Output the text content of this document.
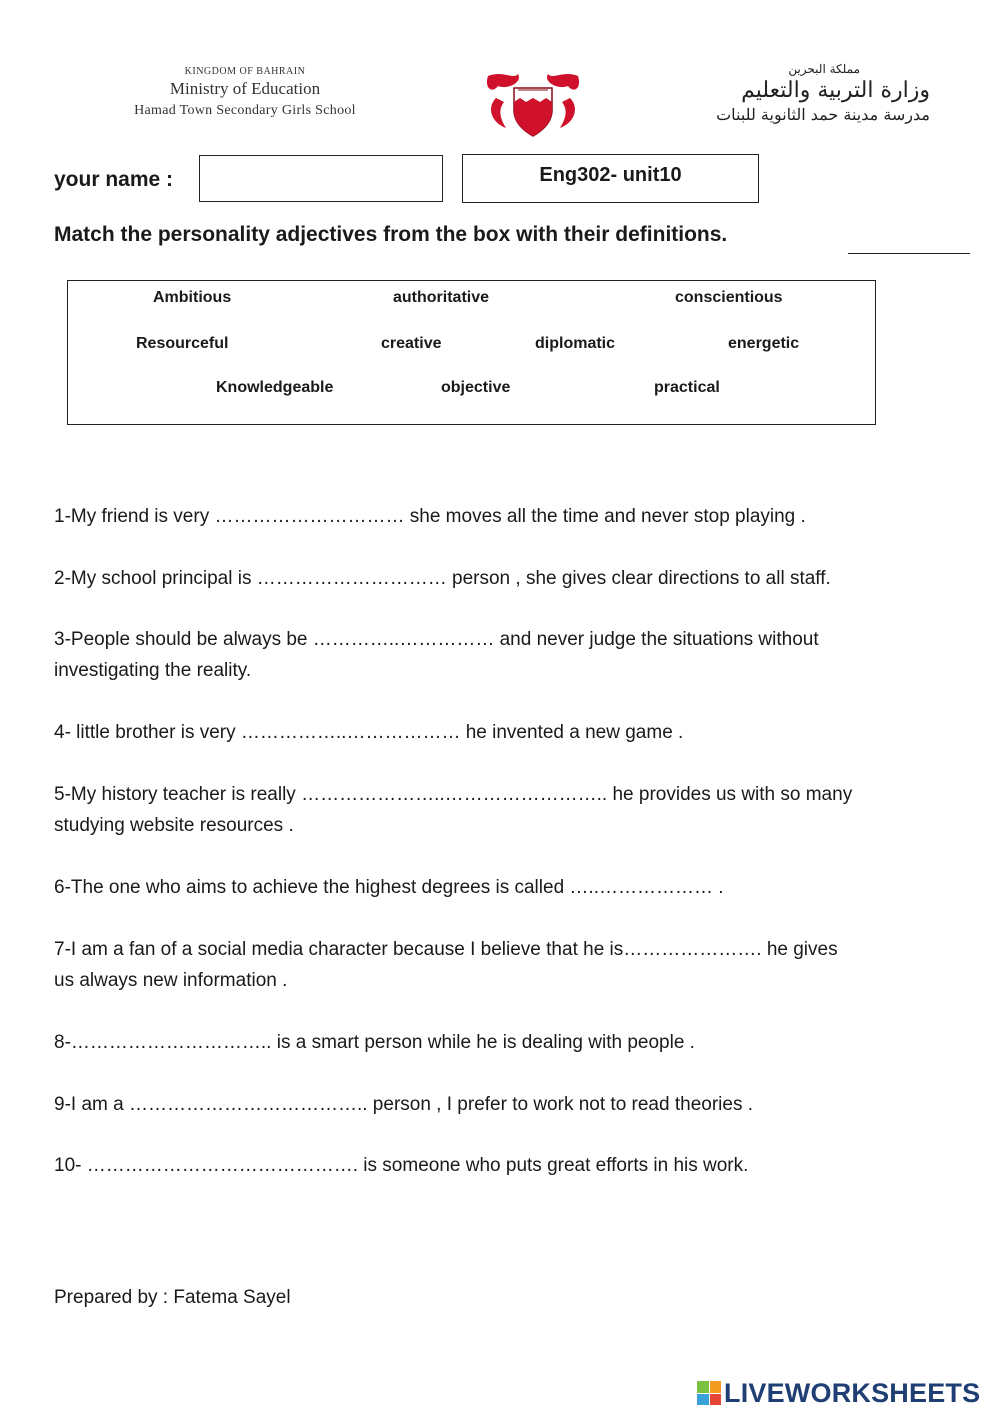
KINGDOM OF BAHRAIN
Ministry of Education
Hamad Town Secondary Girls School
مملكة البحرين
وزارة التربية والتعليم
مدرسة مدينة حمد الثانوية للبنات
your name :	Eng302- unit10
Match the personality adjectives from the box with their definitions.
Ambitious	authoritative	conscientious
Resourceful	creative	diplomatic	energetic
Knowledgeable	objective	practical
1-My friend is very ………………………… she moves all the time and never stop playing .
2-My school principal is ………………………… person , she gives clear directions to all staff.
3-People should be always be …………..…………… and never judge the situations without
investigating the reality.
4- little brother is very ……………..……………… he invented a new game .
5-My history teacher is really …………………..…………………….. he provides us with so many
studying website resources .
6-The one who aims to achieve the highest degrees is called …..……………… .
7-I am a fan of a social media character because I believe that he is…………………. he gives
us always new information .
8-………………………….. is a smart person while he is dealing with people .
9-I am a ……………………………….. person , I prefer to work not to read theories .
10- ……………………………………. is someone who puts great efforts in his work.
Prepared by : Fatema Sayel
LIVEWORKSHEETS
